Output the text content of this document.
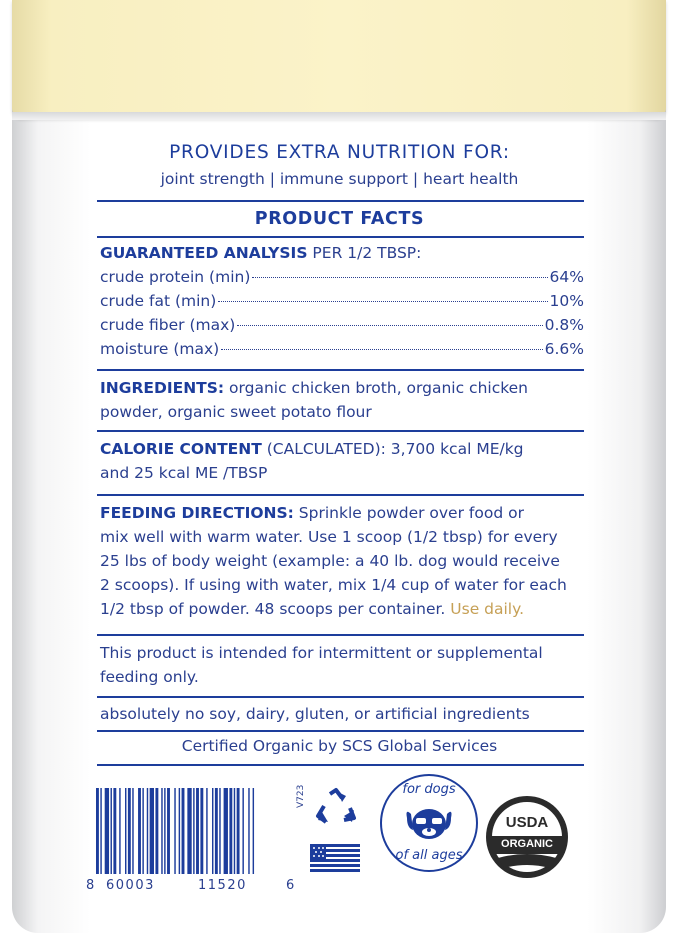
PROVIDES EXTRA NUTRITION FOR:
joint strength | immune support | heart health
PRODUCT FACTS
GUARANTEED ANALYSIS PER 1/2 TBSP:
crude protein (min)	64%
crude fat (min)	10%
crude fiber (max)	0.8%
moisture (max)	6.6%
INGREDIENTS: organic chicken broth, organic chicken
powder, organic sweet potato flour
CALORIE CONTENT (CALCULATED): 3,700 kcal ME/kg
and 25 kcal ME /TBSP
FEEDING DIRECTIONS: Sprinkle powder over food or
mix well with warm water. Use 1 scoop (1/2 tbsp) for every
25 lbs of body weight (example: a 40 lb. dog would receive
2 scoops). If using with water, mix 1/4 cup of water for each
1/2 tbsp of powder. 48 scoops per container. Use daily.
This product is intended for intermittent or supplemental
feeding only.
absolutely no soy, dairy, gluten, or artificial ingredients
Certified Organic by SCS Global Services
8 60003	11520	6
V723	for dogs
of all ages
USDA
ORGANIC
